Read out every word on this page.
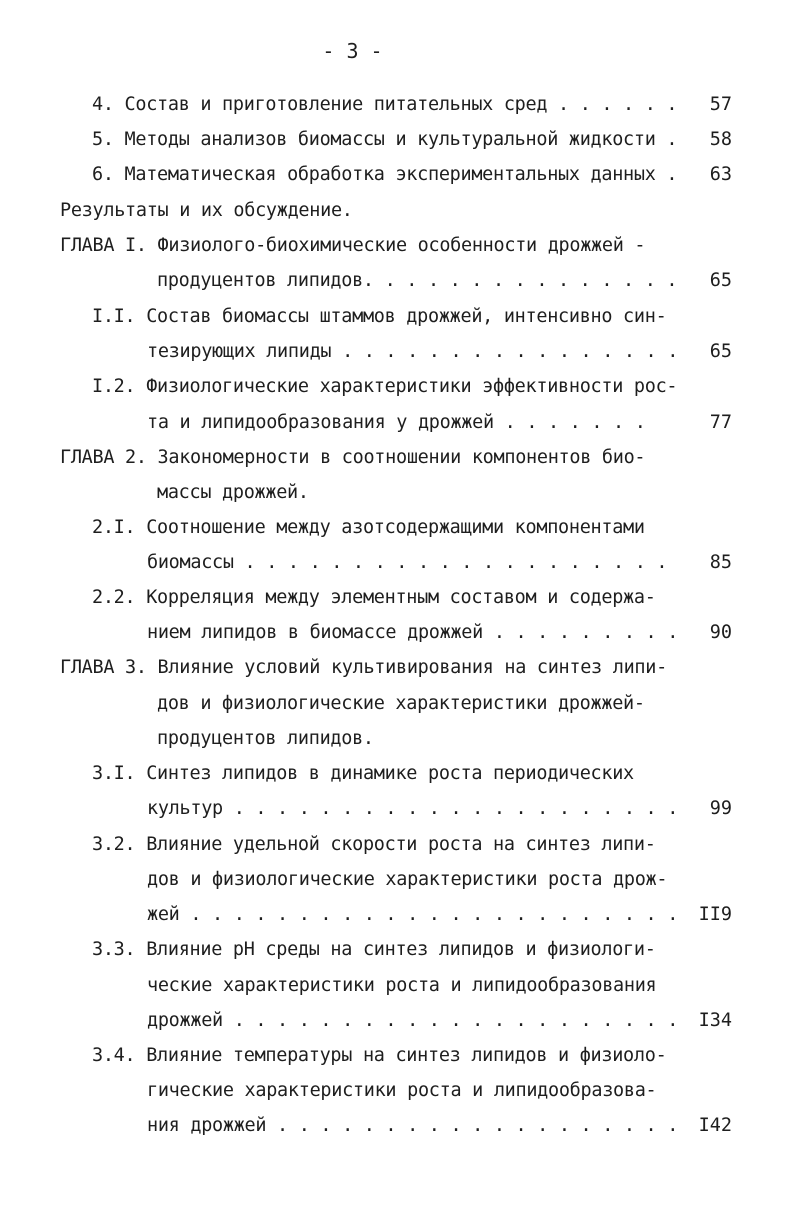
- 3 -
4. Состав и приготовление питательных сред . . . . . . 57
5. Методы анализов биомассы и культуральной жидкости . 58
6. Математическая обработка экспериментальных данных . 63
Результаты и их обсуждение.
ГЛАВА I. Физиолого-биохимические особенности дрожжей -
продуцентов липидов. . . . . . . . . . . . . . . 65
I.I. Состав биомассы штаммов дрожжей, интенсивно син-
тезирующих липиды . . . . . . . . . . . . . . . . 65
I.2. Физиологические характеристики эффективности рос-
та и липидообразования у дрожжей . . . . . . .	77
ГЛАВА 2. Закономерности в соотношении компонентов био-
массы дрожжей.
2.I. Соотношение между азотсодержащими компонентами
биомассы . . . . . . . . . . . . . . . . . . . . 85
2.2. Корреляция между элементным составом и содержа-
нием липидов в биомассе дрожжей . . . . . . . . . 90
ГЛАВА 3. Влияние условий культивирования на синтез липи-
дов и физиологические характеристики дрожжей-
продуцентов липидов.
3.I. Синтез липидов в динамике роста периодических
культур . . . . . . . . . . . . . . . . . . . . . 99
3.2. Влияние удельной скорости роста на синтез липи-
дов и физиологические характеристики роста дрож-
жей . . . . . . . . . . . . . . . . . . . . . . . II9
3.3. Влияние pH среды на синтез липидов и физиологи-
ческие характеристики роста и липидообразования
дрожжей . . . . . . . . . . . . . . . . . . . . . I34
3.4. Влияние температуры на синтез липидов и физиоло-
гические характеристики роста и липидообразова-
ния дрожжей . . . . . . . . . . . . . . . . . . . I42
